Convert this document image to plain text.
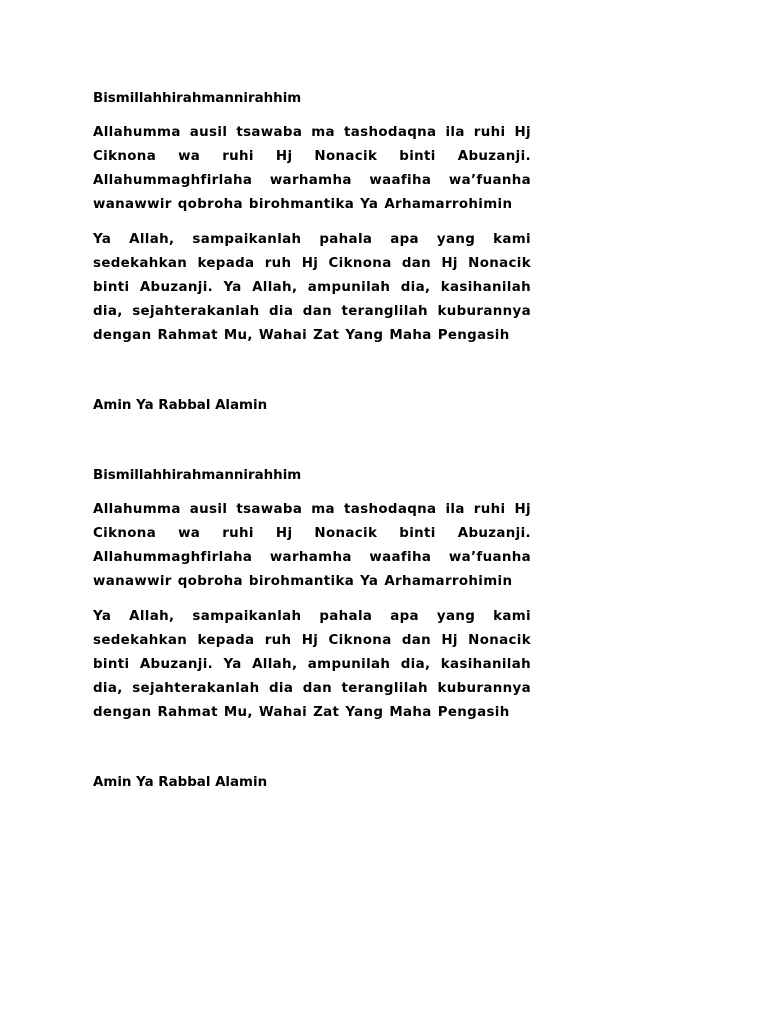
Bismillahhirahmannirahhim

Allahumma ausil tsawaba ma tashodaqna ila ruhi Hj Ciknona wa ruhi Hj Nonacik binti Abuzanji. Allahummaghfirlaha warhamha waafiha wa’fuanha wanawwir qobroha birohmantika Ya Arhamarrohimin

Ya Allah, sampaikanlah pahala apa yang kami sedekahkan kepada ruh Hj Ciknona dan Hj Nonacik binti Abuzanji. Ya Allah, ampunilah dia, kasihanilah dia, sejahterakanlah dia dan teranglilah kuburannya dengan Rahmat Mu, Wahai Zat Yang Maha Pengasih

Amin Ya Rabbal Alamin

Bismillahhirahmannirahhim

Allahumma ausil tsawaba ma tashodaqna ila ruhi Hj Ciknona wa ruhi Hj Nonacik binti Abuzanji. Allahummaghfirlaha warhamha waafiha wa’fuanha wanawwir qobroha birohmantika Ya Arhamarrohimin

Ya Allah, sampaikanlah pahala apa yang kami sedekahkan kepada ruh Hj Ciknona dan Hj Nonacik binti Abuzanji. Ya Allah, ampunilah dia, kasihanilah dia, sejahterakanlah dia dan teranglilah kuburannya dengan Rahmat Mu, Wahai Zat Yang Maha Pengasih

Amin Ya Rabbal Alamin
